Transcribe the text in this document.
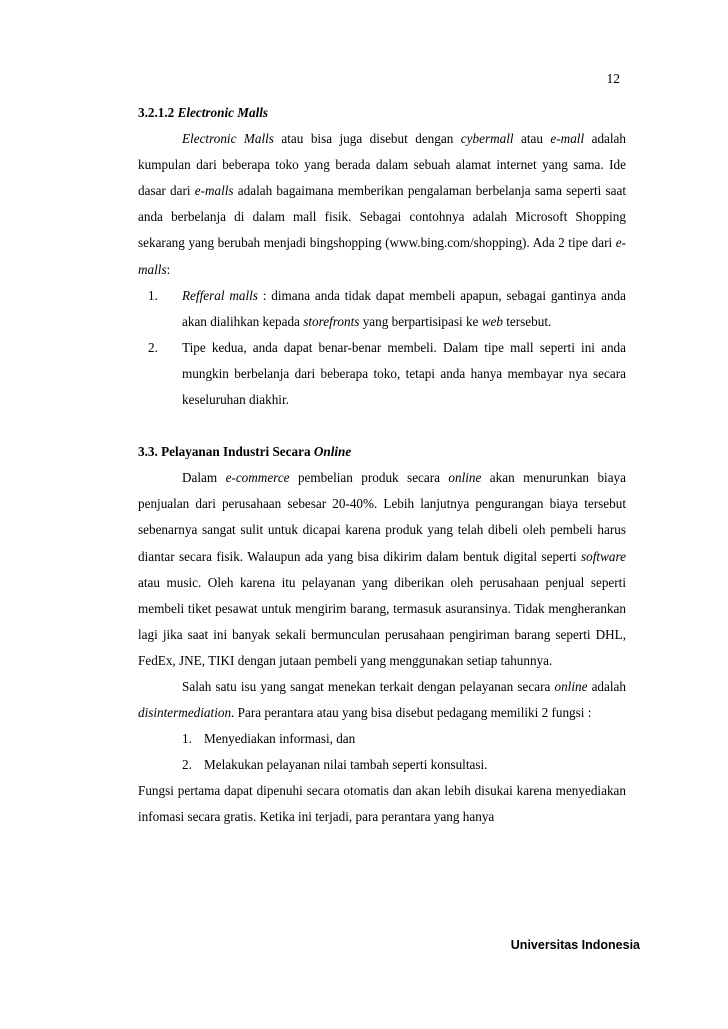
12
3.2.1.2 Electronic Malls

Electronic Malls atau bisa juga disebut dengan cybermall atau e-mall adalah kumpulan dari beberapa toko yang berada dalam sebuah alamat internet yang sama. Ide dasar dari e-malls adalah bagaimana memberikan pengalaman berbelanja sama seperti saat anda berbelanja di dalam mall fisik. Sebagai contohnya adalah Microsoft Shopping sekarang yang berubah menjadi bingshopping (www.bing.com/shopping). Ada 2 tipe dari e-malls:

1.	Refferal malls : dimana anda tidak dapat membeli apapun, sebagai gantinya anda akan dialihkan kepada storefronts yang berpartisipasi ke web tersebut.
2.	Tipe kedua, anda dapat benar-benar membeli. Dalam tipe mall seperti ini anda mungkin berbelanja dari beberapa toko, tetapi anda hanya membayar nya secara keseluruhan diakhir.
3.3. Pelayanan Industri Secara Online

Dalam e-commerce pembelian produk secara online akan menurunkan biaya penjualan dari perusahaan sebesar 20-40%. Lebih lanjutnya pengurangan biaya tersebut sebenarnya sangat sulit untuk dicapai karena produk yang telah dibeli oleh pembeli harus diantar secara fisik. Walaupun ada yang bisa dikirim dalam bentuk digital seperti software atau music. Oleh karena itu pelayanan yang diberikan oleh perusahaan penjual seperti membeli tiket pesawat untuk mengirim barang, termasuk asuransinya. Tidak mengherankan lagi jika saat ini banyak sekali bermunculan perusahaan pengiriman barang seperti DHL, FedEx, JNE, TIKI dengan jutaan pembeli yang menggunakan setiap tahunnya.

Salah satu isu yang sangat menekan terkait dengan pelayanan secara online adalah disintermediation. Para perantara atau yang bisa disebut pedagang memiliki 2 fungsi :

1. Menyediakan informasi, dan
2. Melakukan pelayanan nilai tambah seperti konsultasi.

Fungsi pertama dapat dipenuhi secara otomatis dan akan lebih disukai karena menyediakan infomasi secara gratis. Ketika ini terjadi, para perantara yang hanya

Universitas Indonesia
